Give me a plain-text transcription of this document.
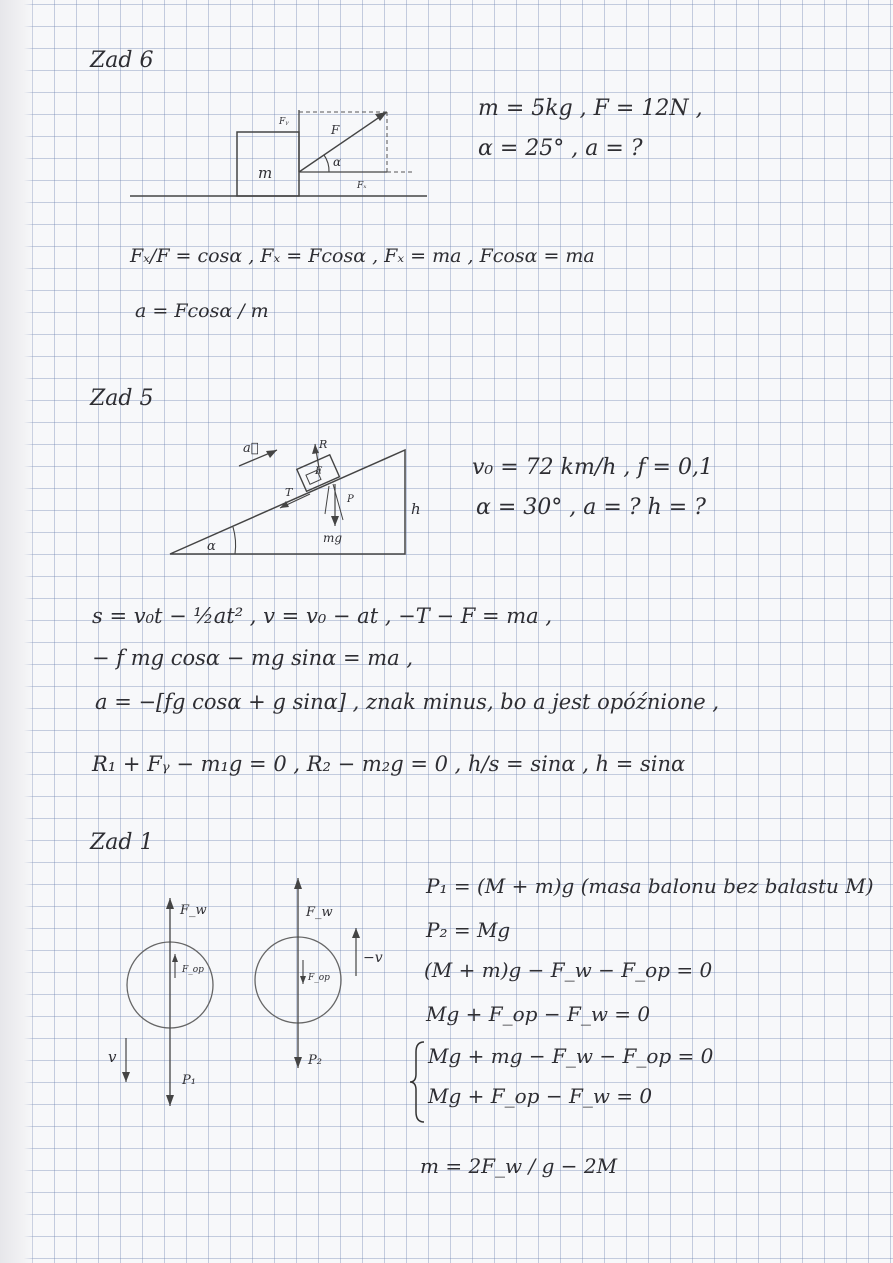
Zad 6
m
F
Fᵧ
Fₓ
α
m = 5kg , F = 12N ,
α = 25° , a = ?
Fₓ/F = cosα , Fₓ = Fcosα , Fₓ = ma , Fcosα = ma
a = Fcosα / m
Zad 5
R
F
T
P
mg
a⃗
h
α
v₀ = 72 km/h , f = 0,1
α = 30° , a = ? h = ?
s = v₀t − ½at² , v = v₀ − at , −T − F = ma ,
− f mg cosα − mg sinα = ma ,
a = −[fg cosα + g sinα] , znak minus, bo a jest opóźnione ,
R₁ + Fᵧ − m₁g = 0 , R₂ − m₂g = 0 , h/s = sinα , h = sinα
Zad 1
F_w
F_op
v
P₁
F_w
F_op
P₂
−v
P₁ = (M + m)g (masa balonu bez balastu M)
P₂ = Mg
(M + m)g − F_w − F_op = 0
Mg + F_op − F_w = 0
Mg + mg − F_w − F_op = 0
Mg + F_op − F_w = 0
m = 2F_w / g − 2M
